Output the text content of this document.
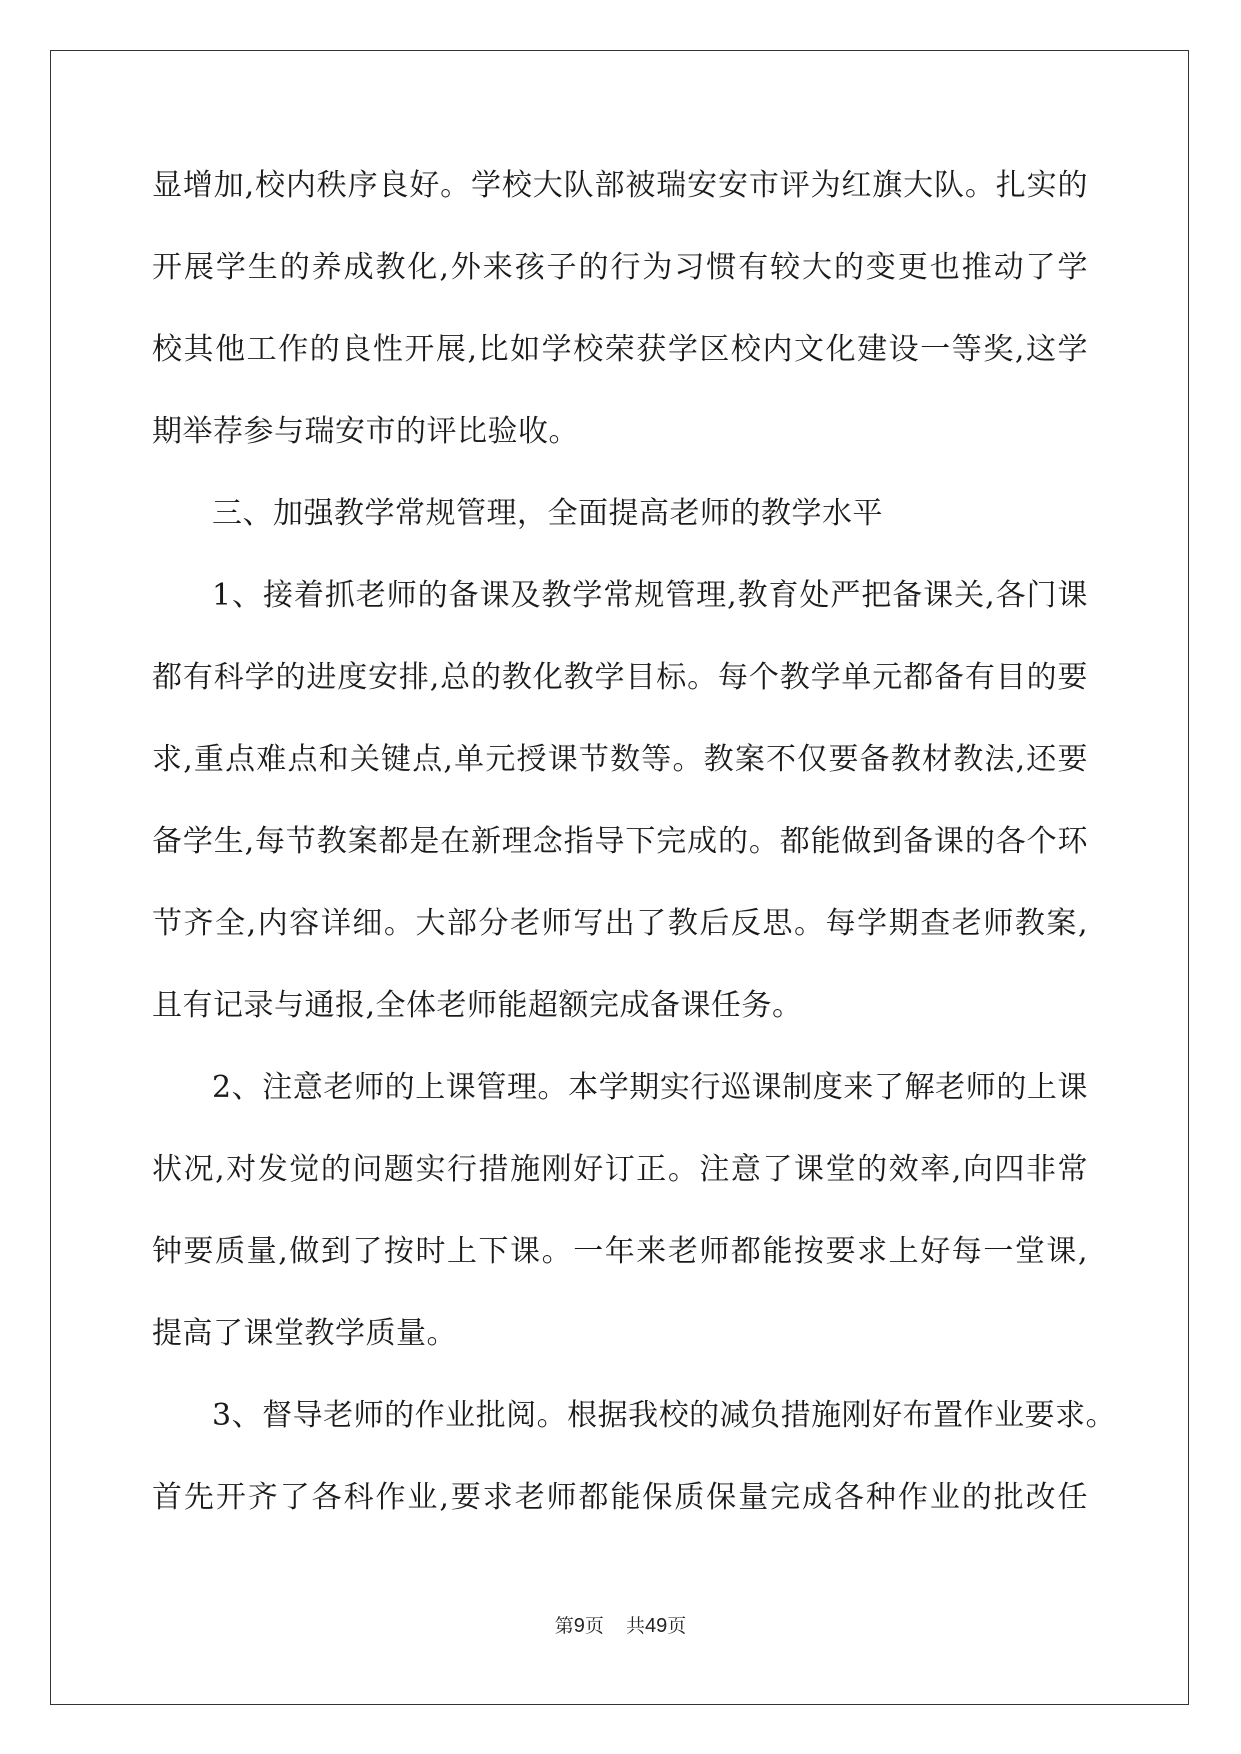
显增加,校内秩序良好。学校大队部被瑞安安市评为红旗大队。扎实的
开展学生的养成教化,外来孩子的行为习惯有较大的变更也推动了学
校其他工作的良性开展,比如学校荣获学区校内文化建设一等奖,这学
期举荐参与瑞安市的评比验收。
三、加强教学常规管理，全面提高老师的教学水平
1、接着抓老师的备课及教学常规管理,教育处严把备课关,各门课
都有科学的进度安排,总的教化教学目标。每个教学单元都备有目的要
求,重点难点和关键点,单元授课节数等。教案不仅要备教材教法,还要
备学生,每节教案都是在新理念指导下完成的。都能做到备课的各个环
节齐全,内容详细。大部分老师写出了教后反思。每学期查老师教案,
且有记录与通报,全体老师能超额完成备课任务。
2、注意老师的上课管理。本学期实行巡课制度来了解老师的上课
状况,对发觉的问题实行措施刚好订正。注意了课堂的效率,向四非常
钟要质量,做到了按时上下课。一年来老师都能按要求上好每一堂课,
提高了课堂教学质量。
3、督导老师的作业批阅。根据我校的减负措施刚好布置作业要求。
首先开齐了各科作业,要求老师都能保质保量完成各种作业的批改任
第9页 共49页
